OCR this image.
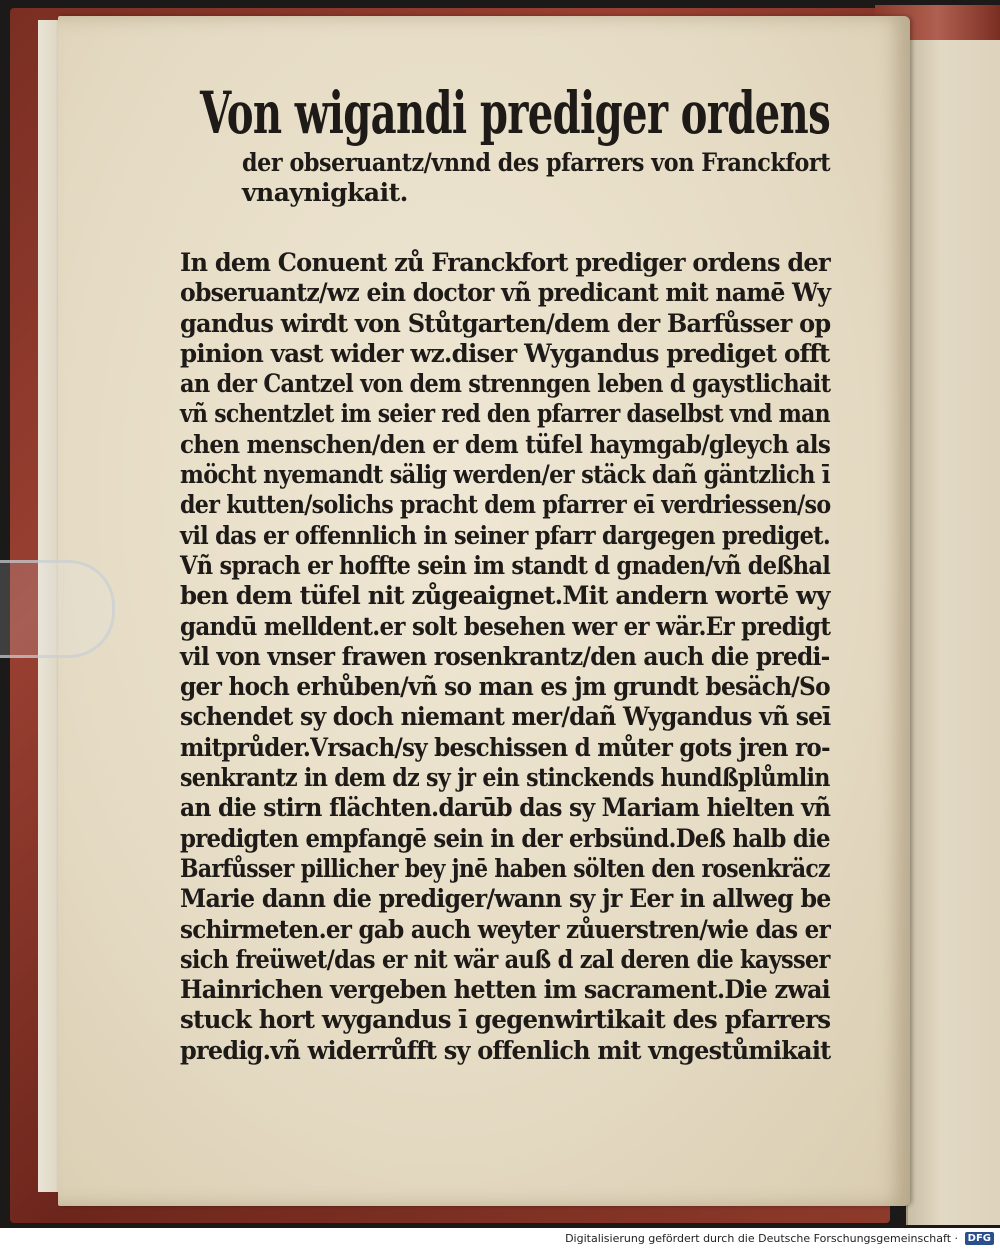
Von wigandi prediger ordens
der obseruantz/vnnd des pfarrers von Franckfort
vnaynigkait.
In dem Conuent zů Franckfort prediger ordens der
obseruantz/wz ein doctor vñ predicant mit namē Wy
gandus wirdt von Stůtgarten/dem der Barfůsser op
pinion vast wider wz.diser Wygandus prediget offt
an der Cantzel von dem strenngen leben d gaystlichait
vñ schentzlet im seier red den pfarrer daselbst vnd man
chen menschen/den er dem tüfel haymgab/gleych als
möcht nyemandt sälig werden/er stäck dañ gäntzlich ī
der kutten/solichs pracht dem pfarrer eī verdriessen/so
vil das er offennlich in seiner pfarr dargegen prediget.
Vñ sprach er hoffte sein im standt d gnaden/vñ deßhal
ben dem tüfel nit zůgeaignet.Mit andern wortē wy
gandū melldent.er solt besehen wer er wär.Er predigt
vil von vnser frawen rosenkrantz/den auch die predi-
ger hoch erhůben/vñ so man es jm grundt besäch/So
schendet sy doch niemant mer/dañ Wygandus vñ seī
mitprůder.Vrsach/sy beschissen d můter gots jren ro-
senkrantz in dem dz sy jr ein stinckends hundßplůmlin
an die stirn flächten.darūb das sy Mariam hielten vñ
predigten empfangē sein in der erbsünd.Deß halb die
Barfůsser pillicher bey jnē haben sölten den rosenkräcz
Marie dann die prediger/wann sy jr Eer in allweg be
schirmeten.er gab auch weyter zůuerstren/wie das er
sich freüwet/das er nit wär auß d zal deren die kaysser
Hainrichen vergeben hetten im sacrament.Die zwai
stuck hort wygandus ī gegenwirtikait des pfarrers
predig.vñ widerrůfft sy offenlich mit vngestůmikait
Digitalisierung gefördert durch die Deutsche Forschungsgemeinschaft · DFG
